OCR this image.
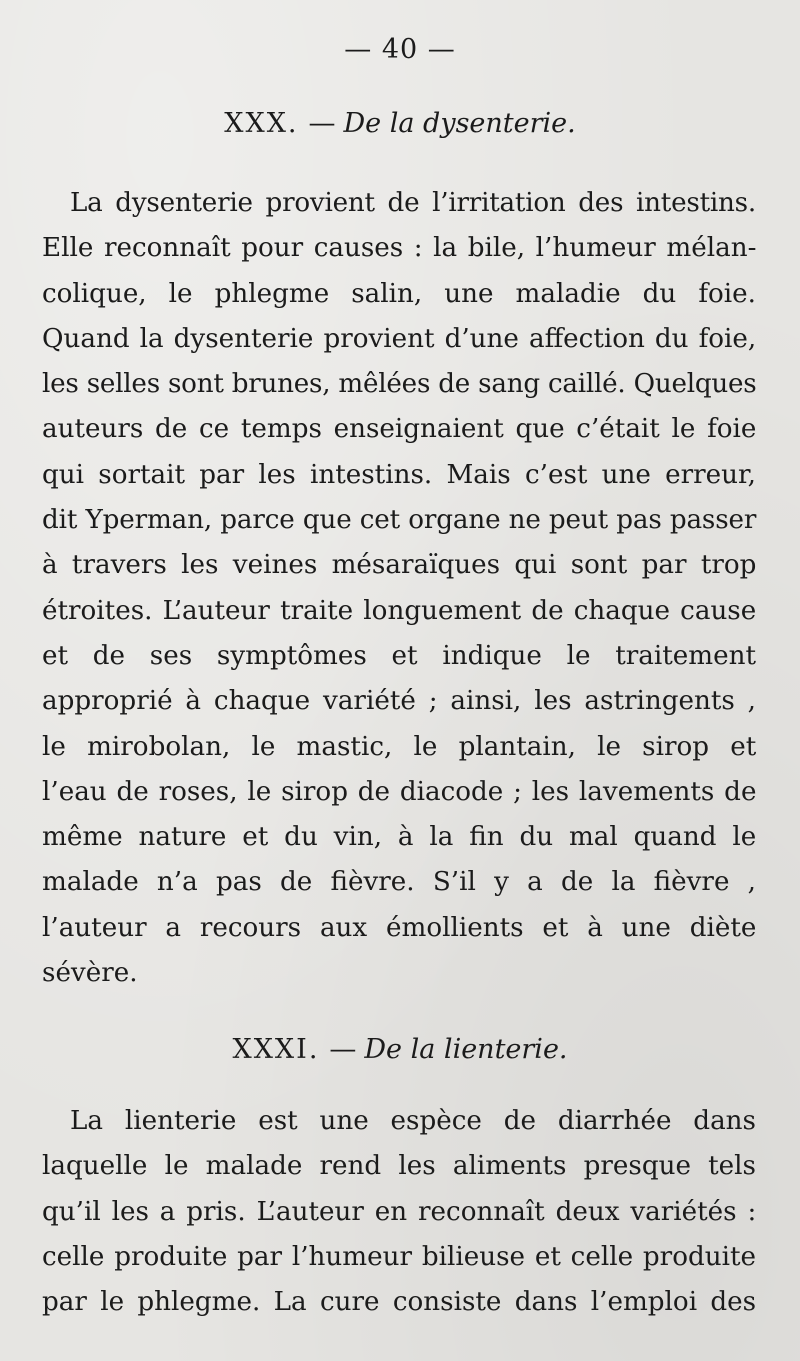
— 40 —
XXX. — De la dysenterie.
La dysenterie provient de l’irritation des intestins.
Elle reconnaît pour causes : la bile, l’humeur mélan-
colique, le phlegme salin, une maladie du foie.
Quand la dysenterie provient d’une affection du foie,
les selles sont brunes, mêlées de sang caillé. Quelques
auteurs de ce temps enseignaient que c’était le foie
qui sortait par les intestins. Mais c’est une erreur,
dit Yperman, parce que cet organe ne peut pas passer
à travers les veines mésaraïques qui sont par trop
étroites. L’auteur traite longuement de chaque cause
et de ses symptômes et indique le traitement
approprié à chaque variété ; ainsi, les astringents ,
le mirobolan, le mastic, le plantain, le sirop et
l’eau de roses, le sirop de diacode ; les lavements de
même nature et du vin, à la fin du mal quand le
malade n’a pas de fièvre. S’il y a de la fièvre ,
l’auteur a recours aux émollients et à une diète
sévère.
XXXI. — De la lienterie.
La lienterie est une espèce de diarrhée dans
laquelle le malade rend les aliments presque tels
qu’il les a pris. L’auteur en reconnaît deux variétés :
celle produite par l’humeur bilieuse et celle produite
par le phlegme. La cure consiste dans l’emploi des
